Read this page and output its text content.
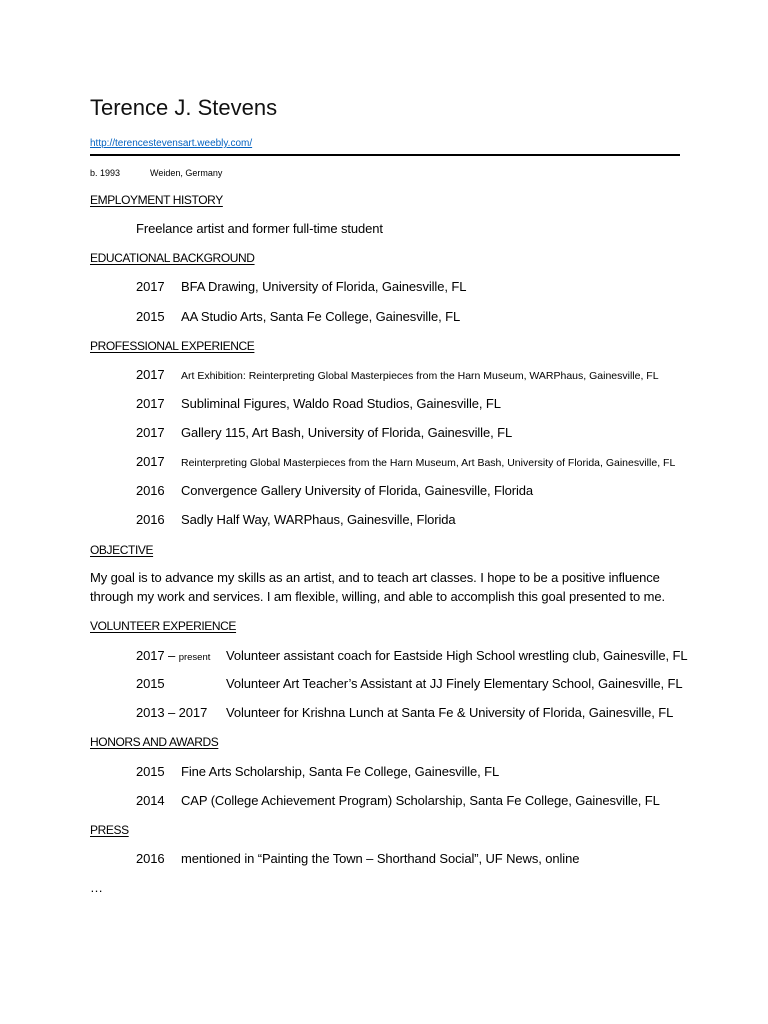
Terence J. Stevens
http://terencestevensart.weebly.com/
b. 1993	Weiden, Germany
EMPLOYMENT HISTORY
Freelance artist and former full-time student
EDUCATIONAL BACKGROUND
2017 BFA Drawing, University of Florida, Gainesville, FL
2015 AA Studio Arts, Santa Fe College, Gainesville, FL
PROFESSIONAL EXPERIENCE
2017 Art Exhibition: Reinterpreting Global Masterpieces from the Harn Museum, WARPhaus, Gainesville, FL
2017 Subliminal Figures, Waldo Road Studios, Gainesville, FL
2017 Gallery 115, Art Bash, University of Florida, Gainesville, FL
2017 Reinterpreting Global Masterpieces from the Harn Museum, Art Bash, University of Florida, Gainesville, FL
2016 Convergence Gallery University of Florida, Gainesville, Florida
2016 Sadly Half Way, WARPhaus, Gainesville, Florida
OBJECTIVE
My goal is to advance my skills as an artist, and to teach art classes. I hope to be a positive influence
through my work and services. I am flexible, willing, and able to accomplish this goal presented to me.
VOLUNTEER EXPERIENCE
2017 – present Volunteer assistant coach for Eastside High School wrestling club, Gainesville, FL
2015	Volunteer Art Teacher’s Assistant at JJ Finely Elementary School, Gainesville, FL
2013 – 2017 Volunteer for Krishna Lunch at Santa Fe & University of Florida, Gainesville, FL
HONORS AND AWARDS
2015 Fine Arts Scholarship, Santa Fe College, Gainesville, FL
2014 CAP (College Achievement Program) Scholarship, Santa Fe College, Gainesville, FL
PRESS
2016 mentioned in “Painting the Town – Shorthand Social”, UF News, online
…
